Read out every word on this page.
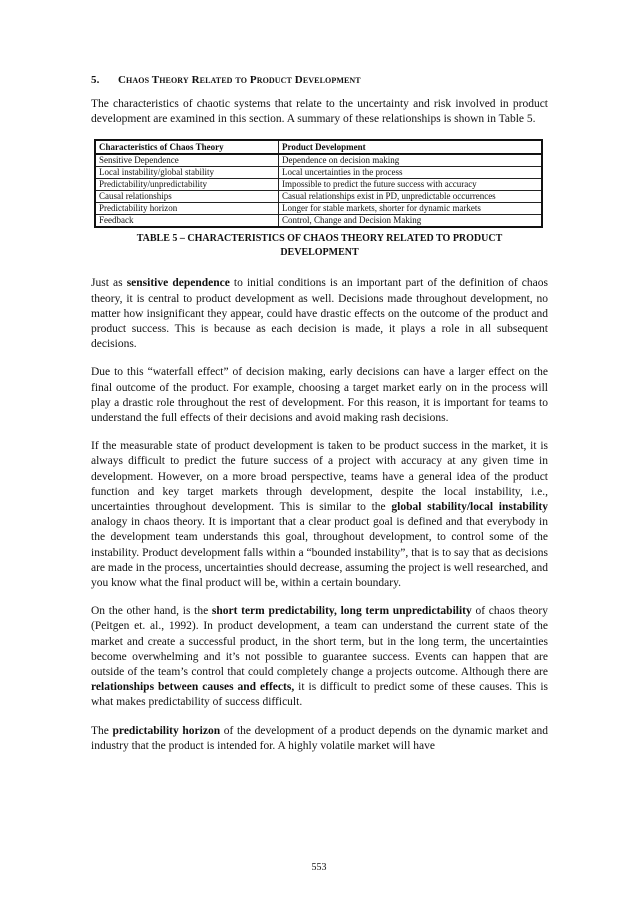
5. Chaos Theory Related to Product Development

The characteristics of chaotic systems that relate to the uncertainty and risk involved in product development are examined in this section. A summary of these relationships is shown in Table 5.

Characteristics of Chaos Theory	Product Development
Sensitive Dependence	Dependence on decision making
Local instability/global stability	Local uncertainties in the process
Predictability/unpredictability	Impossible to predict the future success with accuracy
Causal relationships	Casual relationships exist in PD, unpredictable occurrences
Predictability horizon	Longer for stable markets, shorter for dynamic markets
Feedback	Control, Change and Decision Making
TABLE 5 – CHARACTERISTICS OF CHAOS THEORY RELATED TO PRODUCT
DEVELOPMENT

Just as sensitive dependence to initial conditions is an important part of the definition of chaos theory, it is central to product development as well. Decisions made throughout development, no matter how insignificant they appear, could have drastic effects on the outcome of the product and product success. This is because as each decision is made, it plays a role in all subsequent decisions.

Due to this “waterfall effect” of decision making, early decisions can have a larger effect on the final outcome of the product. For example, choosing a target market early on in the process will play a drastic role throughout the rest of development. For this reason, it is important for teams to understand the full effects of their decisions and avoid making rash decisions.

If the measurable state of product development is taken to be product success in the market, it is always difficult to predict the future success of a project with accuracy at any given time in development. However, on a more broad perspective, teams have a general idea of the product function and key target markets through development, despite the local instability, i.e., uncertainties throughout development. This is similar to the global stability/local instability analogy in chaos theory. It is important that a clear product goal is defined and that everybody in the development team understands this goal, throughout development, to control some of the instability. Product development falls within a “bounded instability”, that is to say that as decisions are made in the process, uncertainties should decrease, assuming the project is well researched, and you know what the final product will be, within a certain boundary.

On the other hand, is the short term predictability, long term unpredictability of chaos theory (Peitgen et. al., 1992). In product development, a team can understand the current state of the market and create a successful product, in the short term, but in the long term, the uncertainties become overwhelming and it’s not possible to guarantee success. Events can happen that are outside of the team’s control that could completely change a projects outcome. Although there are relationships between causes and effects, it is difficult to predict some of these causes. This is what makes predictability of success difficult.

The predictability horizon of the development of a product depends on the dynamic market and industry that the product is intended for. A highly volatile market will have

553
